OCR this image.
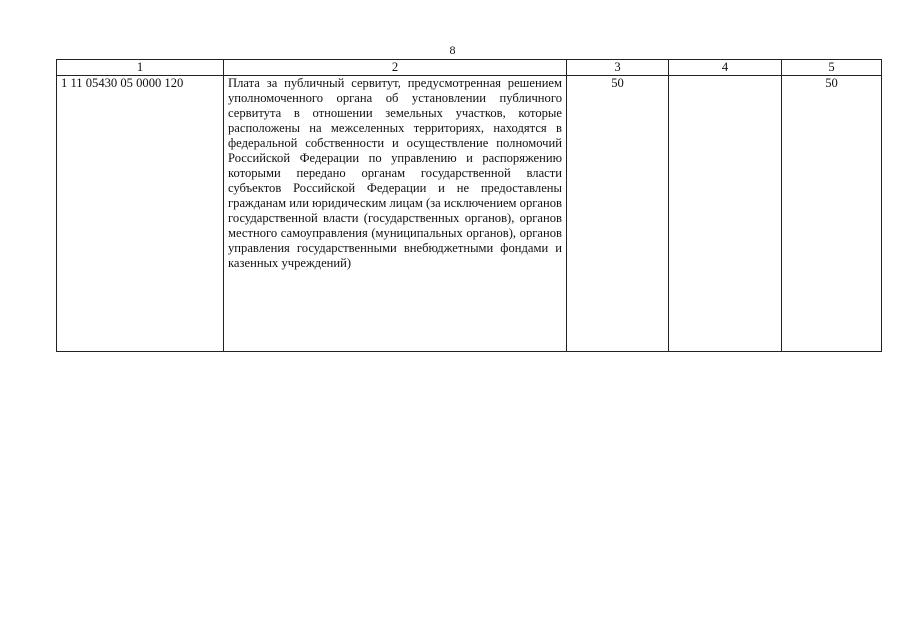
8
1	2	3	4	5
1 11 05430 05 0000 120	Плата за публичный сервитут, предусмотренная решением уполномоченного органа об установлении публичного сервитута в отношении земельных участков, которые расположены на межселенных территориях, находятся в федеральной собственности и осуществление полномочий Российской Федерации по управлению и распоряжению которыми передано органам государственной власти субъектов Российской Федерации и не предоставлены гражданам или юридическим лицам (за исключением органов государственной власти (государственных органов), органов местного самоуправления (муниципальных органов), органов управления государственными внебюджетными фондами и казенных учреждений)	50		50
